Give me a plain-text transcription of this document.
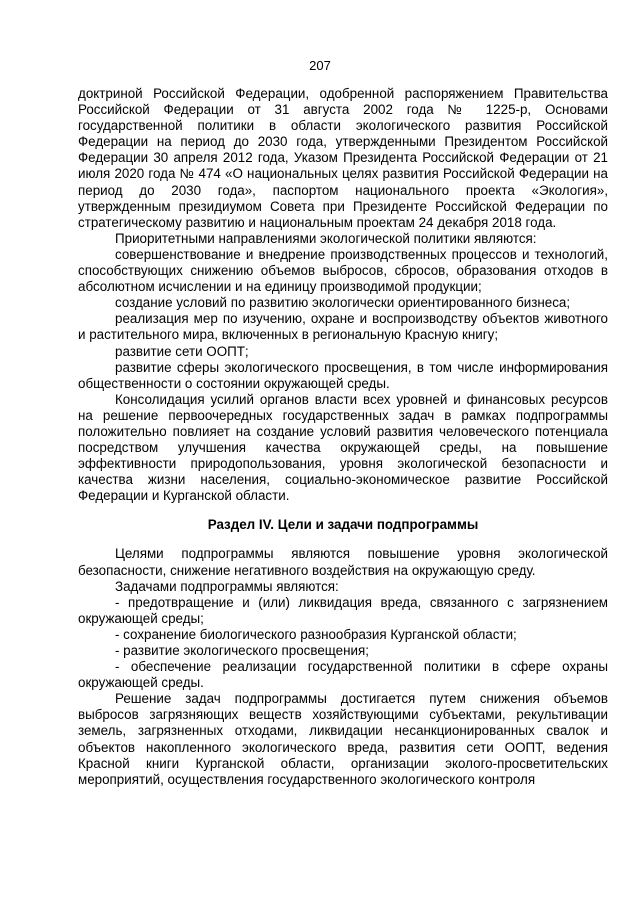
207

доктриной Российской Федерации, одобренной распоряжением Правительства Российской Федерации от 31 августа 2002 года № 1225-р, Основами государственной политики в области экологического развития Российской Федерации на период до 2030 года, утвержденными Президентом Российской Федерации 30 апреля 2012 года, Указом Президента Российской Федерации от 21 июля 2020 года № 474 «О национальных целях развития Российской Федерации на период до 2030 года», паспортом национального проекта «Экология», утвержденным президиумом Совета при Президенте Российской Федерации по стратегическому развитию и национальным проектам 24 декабря 2018 года.

Приоритетными направлениями экологической политики являются:

совершенствование и внедрение производственных процессов и технологий, способствующих снижению объемов выбросов, сбросов, образования отходов в абсолютном исчислении и на единицу производимой продукции;

создание условий по развитию экологически ориентированного бизнеса;

реализация мер по изучению, охране и воспроизводству объектов животного и растительного мира, включенных в региональную Красную книгу;

развитие сети ООПТ;

развитие сферы экологического просвещения, в том числе информирования общественности о состоянии окружающей среды.

Консолидация усилий органов власти всех уровней и финансовых ресурсов на решение первоочередных государственных задач в рамках подпрограммы положительно повлияет на создание условий развития человеческого потенциала посредством улучшения качества окружающей среды, на повышение эффективности природопользования, уровня экологической безопасности и качества жизни населения, социально-экономическое развитие Российской Федерации и Курганской области.

Раздел IV. Цели и задачи подпрограммы

Целями подпрограммы являются повышение уровня экологической безопасности, снижение негативного воздействия на окружающую среду.

Задачами подпрограммы являются:

- предотвращение и (или) ликвидация вреда, связанного с загрязнением окружающей среды;

- сохранение биологического разнообразия Курганской области;

- развитие экологического просвещения;

- обеспечение реализации государственной политики в сфере охраны окружающей среды.

Решение задач подпрограммы достигается путем снижения объемов выбросов загрязняющих веществ хозяйствующими субъектами, рекультивации земель, загрязненных отходами, ликвидации несанкционированных свалок и объектов накопленного экологического вреда, развития сети ООПТ, ведения Красной книги Курганской области, организации эколого-просветительских мероприятий, осуществления государственного экологического контроля
